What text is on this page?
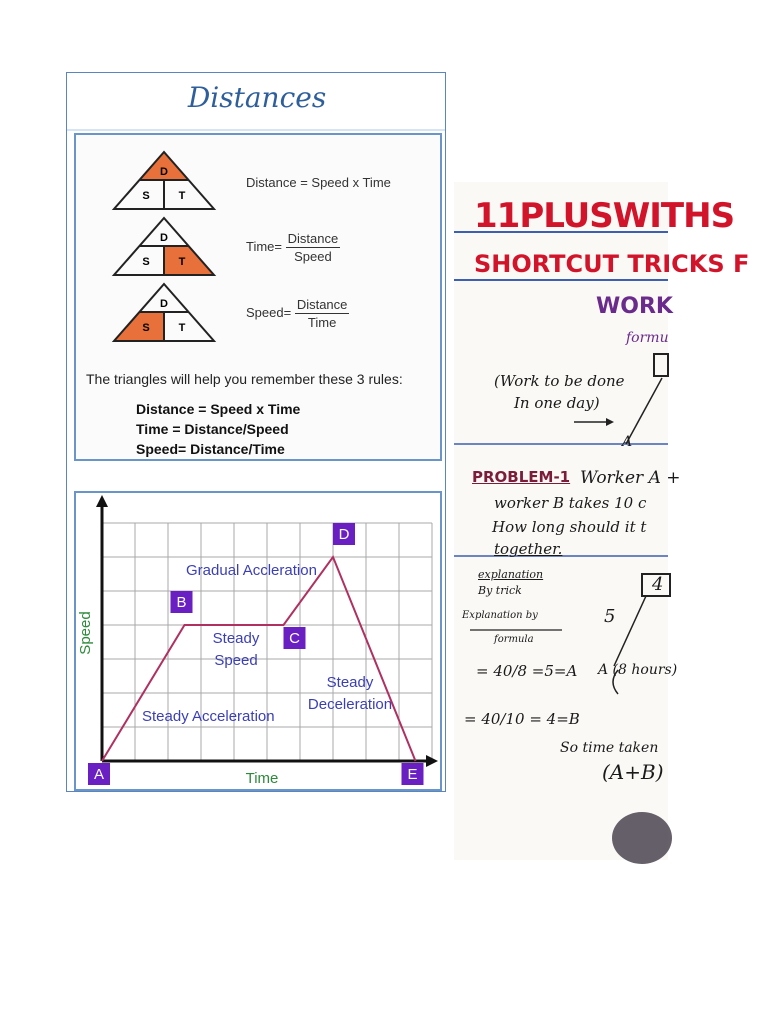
Distances
D
S	T
D
S	T
D
S	T
Distance = Speed x Time
Time= $\frac{\text{Distance}}{\text{Speed}}$
Speed= $\frac{\text{Distance}}{\text{Time}}$
The triangles will help you remember these 3 rules:
Distance = Speed x Time
Time = Distance/Speed
Speed= Distance/Time
A
B
C
D
E
Gradual Accleration
Steady
Speed
Steady
Deceleration
Steady Acceleration
Time
Speed
11PLUSWITHS
SHORTCUT TRICKS F
WORK
formu
(Work to be done
In one day)
A
PROBLEM-1 Worker A +
worker B takes 10 c
How long should it t
together.
explanation
By trick
Explanation by
formula
4
5
= 40/8 =5=A A (8 hours)
= 40/10 = 4=B
So time taken
(A+B)
